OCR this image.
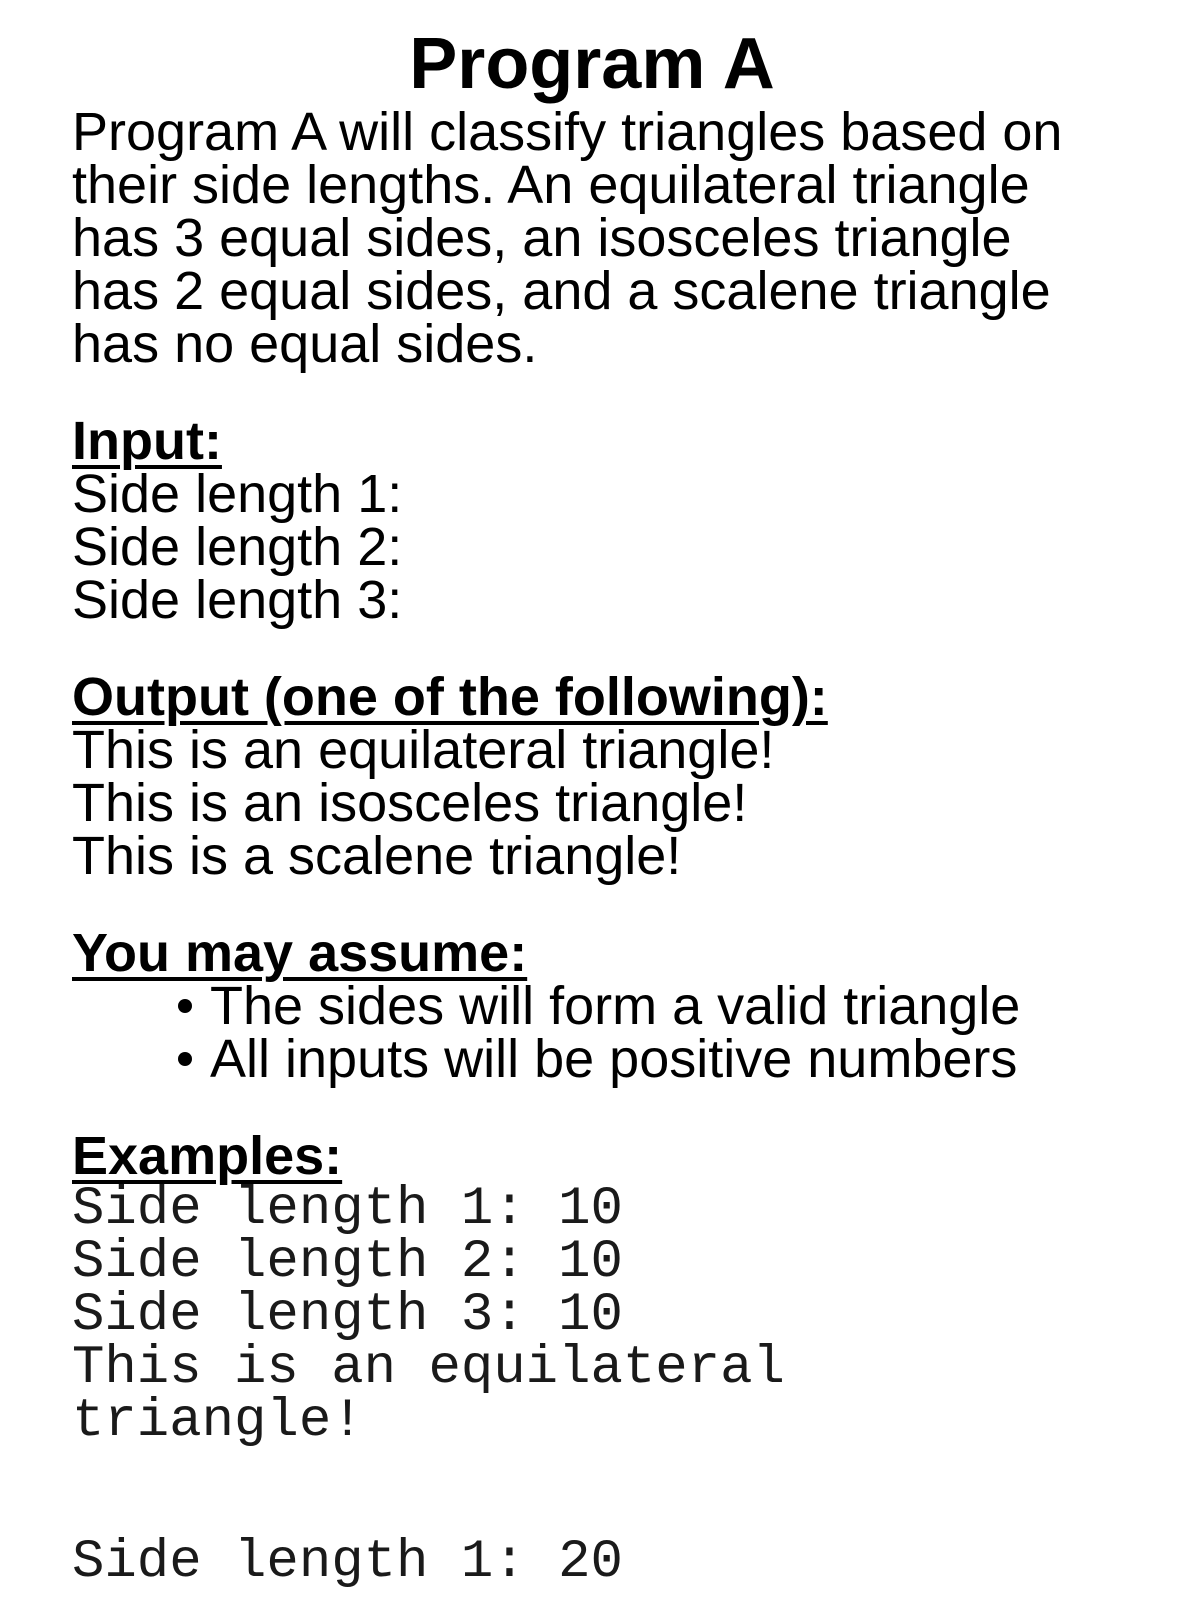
Program A

Program A will classify triangles based on

their side lengths. An equilateral triangle

has 3 equal sides, an isosceles triangle

has 2 equal sides, and a scalene triangle

has no equal sides.

Input:

Side length 1:

Side length 2:

Side length 3:

Output (one of the following):

This is an equilateral triangle!

This is an isosceles triangle!

This is a scalene triangle!

You may assume:

The sides will form a valid triangle
All inputs will be positive numbers

Examples:

Side length 1: 10

Side length 2: 10

Side length 3: 10

This is an equilateral

triangle!

Side length 1: 20
